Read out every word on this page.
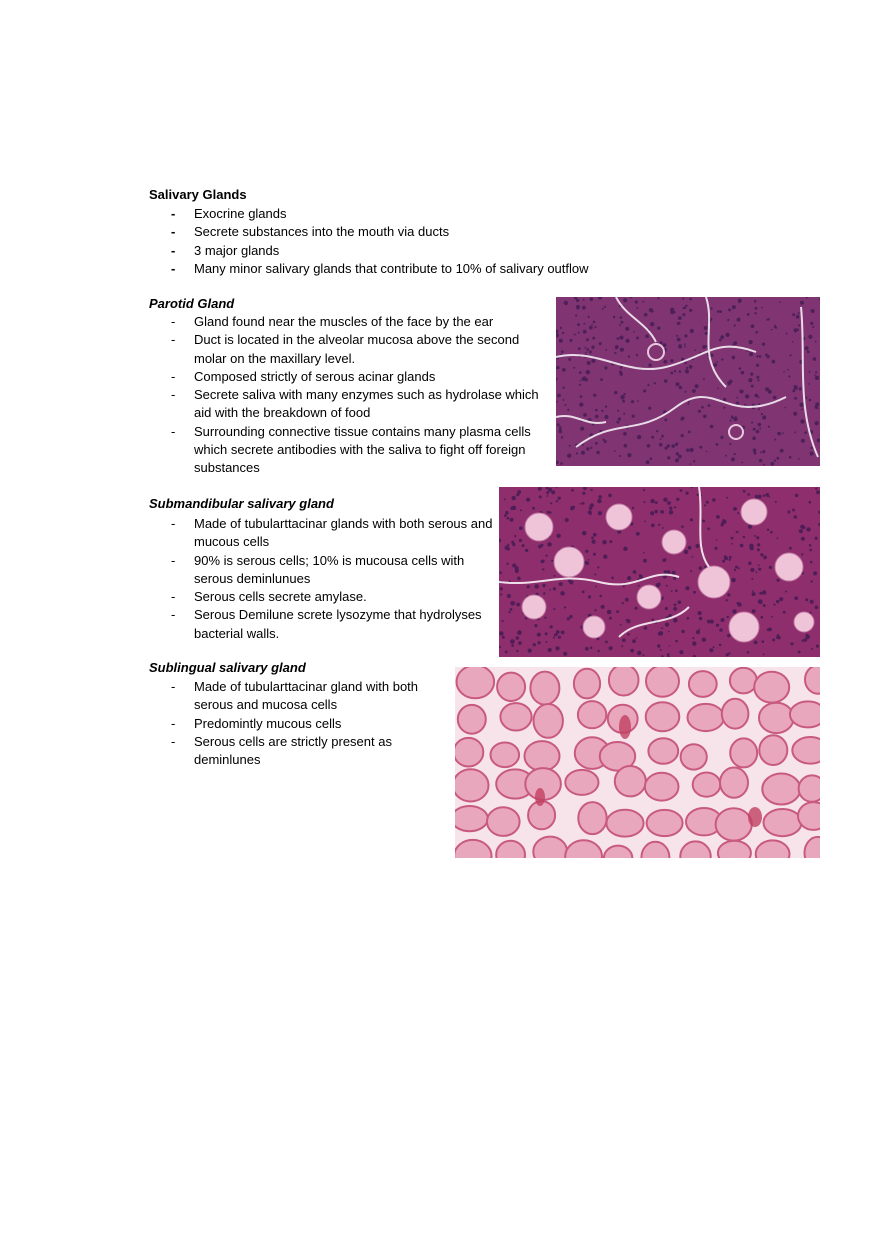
Salivary Glands
- Exocrine glands
- Secrete substances into the mouth via ducts
- 3 major glands
- Many minor salivary glands that contribute to 10% of salivary outflow
Parotid Gland
- Gland found near the muscles of the face by the ear
- Duct is located in the alveolar mucosa above the second molar on the maxillary level.
- Composed strictly of serous acinar glands
- Secrete saliva with many enzymes such as hydrolase which aid with the breakdown of food
- Surrounding connective tissue contains many plasma cells which secrete antibodies with the saliva to fight off foreign substances
Submandibular salivary gland
- Made of tubularttacinar glands with both serous and mucous cells
- 90% is serous cells; 10% is mucousa cells with serous deminlunues
- Serous cells secrete amylase.
- Serous Demilune screte lysozyme that hydrolyses bacterial walls.
Sublingual salivary gland
- Made of tubularttacinar gland with both serous and mucosa cells
- Predomintly mucous cells
- Serous cells are strictly present as deminlunes
